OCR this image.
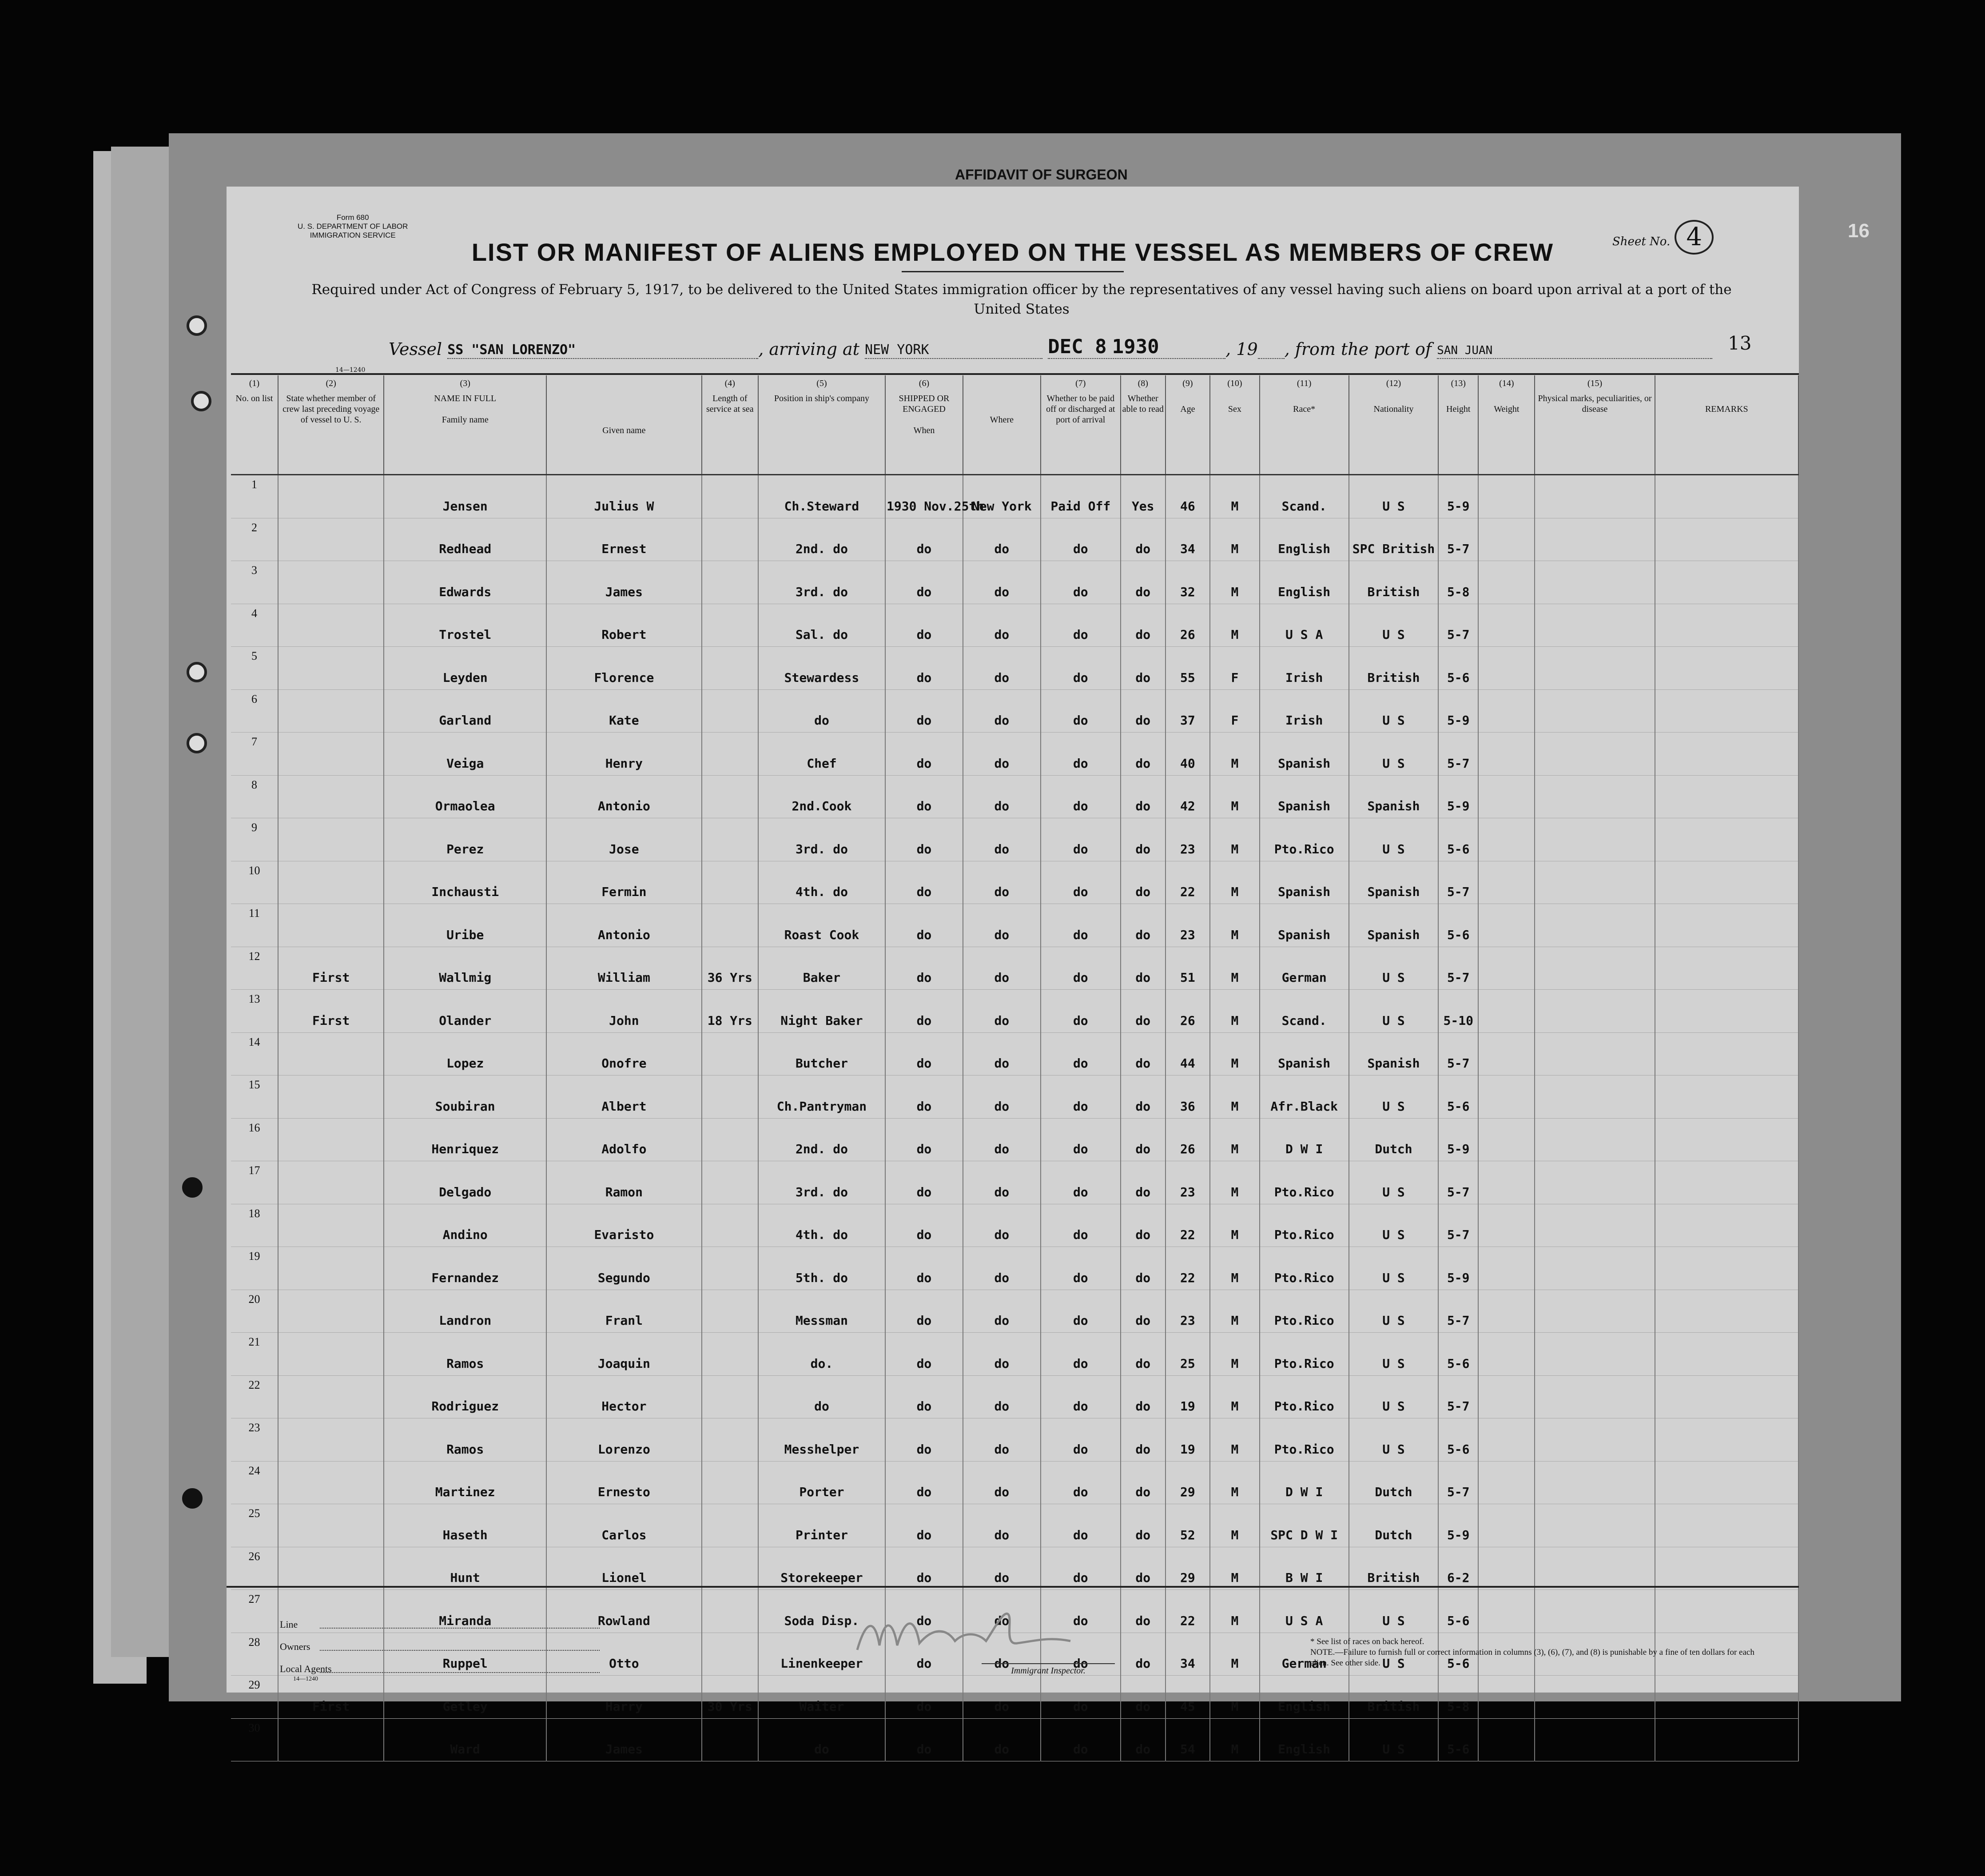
AFFIDAVIT OF SURGEON
16
Form 680
U. S. DEPARTMENT OF LABOR
IMMIGRATION SERVICE	Sheet No. 4
LIST OR MANIFEST OF ALIENS EMPLOYED ON THE VESSEL AS MEMBERS OF CREW
Required under Act of Congress of February 5, 1917, to be delivered to the United States immigration officer by the representatives of any vessel having such aliens on board upon arrival at a port of the United States
Vessel SS "SAN LORENZO"	, arriving at NEW YORK	DEC 8 1930	, 19 , from the port of SAN JUAN	13
14—1240
(1)
No. on list	(2)
State whether member of crew last preceding voyage of vessel to U. S.	(3)
NAME IN FULL

Family name	Given name	(4)
Length of service at sea	(5)
Position in ship's company	(6)
SHIPPED OR ENGAGED

When	Where	(7)
Whether to be paid off or discharged at port of arrival	(8)
Whether able to read	(9)

Age	(10)

Sex	(11)

Race*	(12)

Nationality	(13)

Height	(14)

Weight	(15)
Physical marks, peculiarities, or disease	REMARKS
1		Jensen	Julius W		Ch.Steward	1930 Nov.25th	New York	Paid Off	Yes	46	M	Scand.	U S	5-9			
2		Redhead	Ernest		2nd. do	do	do	do	do	34	M	English	SPC British	5-7			
3		Edwards	James		3rd. do	do	do	do	do	32	M	English	British	5-8			
4		Trostel	Robert		Sal. do	do	do	do	do	26	M	U S A	U S	5-7			
5		Leyden	Florence		Stewardess	do	do	do	do	55	F	Irish	British	5-6			
6		Garland	Kate		do	do	do	do	do	37	F	Irish	U S	5-9			
7		Veiga	Henry		Chef	do	do	do	do	40	M	Spanish	U S	5-7			
8		Ormaolea	Antonio		2nd.Cook	do	do	do	do	42	M	Spanish	Spanish	5-9			
9		Perez	Jose		3rd. do	do	do	do	do	23	M	Pto.Rico	U S	5-6			
10		Inchausti	Fermin		4th. do	do	do	do	do	22	M	Spanish	Spanish	5-7			
11		Uribe	Antonio		Roast Cook	do	do	do	do	23	M	Spanish	Spanish	5-6			
12	First	Wallmig	William	36 Yrs	Baker	do	do	do	do	51	M	German	U S	5-7			
13	First	Olander	John	18 Yrs	Night Baker	do	do	do	do	26	M	Scand.	U S	5-10			
14		Lopez	Onofre		Butcher	do	do	do	do	44	M	Spanish	Spanish	5-7			
15		Soubiran	Albert		Ch.Pantryman	do	do	do	do	36	M	Afr.Black	U S	5-6			
16		Henriquez	Adolfo		2nd. do	do	do	do	do	26	M	D W I	Dutch	5-9			
17		Delgado	Ramon		3rd. do	do	do	do	do	23	M	Pto.Rico	U S	5-7			
18		Andino	Evaristo		4th. do	do	do	do	do	22	M	Pto.Rico	U S	5-7			
19		Fernandez	Segundo		5th. do	do	do	do	do	22	M	Pto.Rico	U S	5-9			
20		Landron	Franl		Messman	do	do	do	do	23	M	Pto.Rico	U S	5-7			
21		Ramos	Joaquin		do.	do	do	do	do	25	M	Pto.Rico	U S	5-6			
22		Rodriguez	Hector		do	do	do	do	do	19	M	Pto.Rico	U S	5-7			
23		Ramos	Lorenzo		Messhelper	do	do	do	do	19	M	Pto.Rico	U S	5-6			
24		Martinez	Ernesto		Porter	do	do	do	do	29	M	D W I	Dutch	5-7			
25		Haseth	Carlos		Printer	do	do	do	do	52	M	SPC D W I	Dutch	5-9			
26		Hunt	Lionel		Storekeeper	do	do	do	do	29	M	B W I	British	6-2			
27		Miranda	Rowland		Soda Disp.	do	do	do	do	22	M	U S A	U S	5-6			
28		Ruppel	Otto		Linenkeeper	do	do	do	do	34	M	German	U S	5-6			
29	First	Getley	Harry	30 Yrs	Waiter	do	do	do	do	45	M	English	British	5-8			
30		Ward	James		do	do	do	do	do	54	M	English	U S	5-6			
Line
Owners
Local Agents
14—1240
Immigrant Inspector.
* See list of races on back hereof.
NOTE.—Failure to furnish full or correct information in columns (3), (6), (7), and (8) is punishable by a fine of ten dollars for each alien. See other side.
